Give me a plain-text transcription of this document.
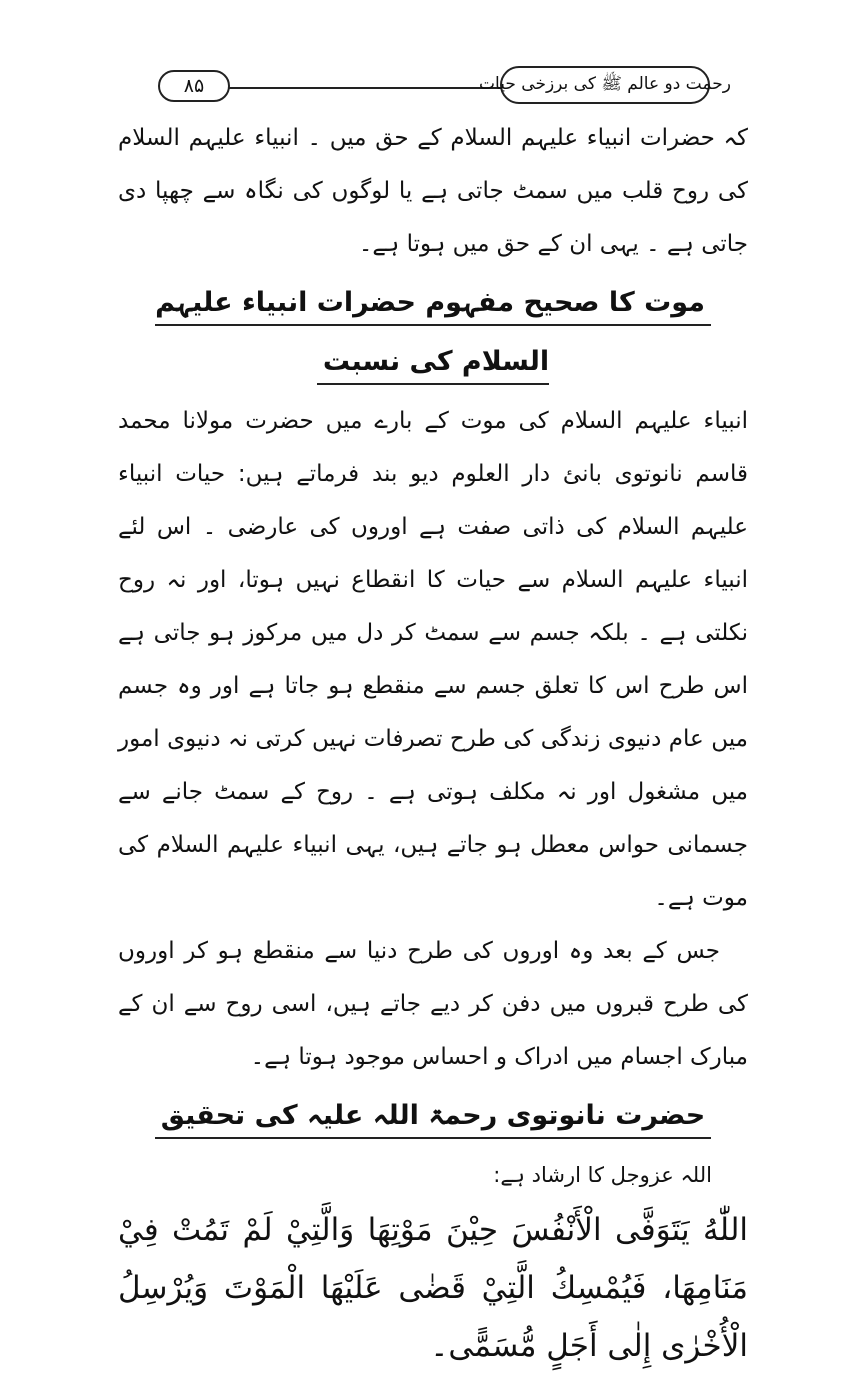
۸۵	رحمت دو عالم ﷺ کی برزخی حیات

کہ حضرات انبیاء علیہم السلام کے حق میں ۔ انبیاء علیہم السلام کی روح قلب میں سمٹ جاتی ہے یا لوگوں کی نگاہ سے چھپا دی جاتی ہے ۔ یہی ان کے حق میں ہوتا ہے۔

موت کا صحیح مفہوم حضرات انبیاء علیہم السلام کی نسبت

انبیاء علیہم السلام کی موت کے بارے میں حضرت مولانا محمد قاسم نانوتوی بانئ دار العلوم دیو بند فرماتے ہیں: حیات انبیاء علیہم السلام کی ذاتی صفت ہے اوروں کی عارضی ۔ اس لئے انبیاء علیہم السلام سے حیات کا انقطاع نہیں ہوتا، اور نہ روح نکلتی ہے ۔ بلکہ جسم سے سمٹ کر دل میں مرکوز ہو جاتی ہے اس طرح اس کا تعلق جسم سے منقطع ہو جاتا ہے اور وہ جسم میں عام دنیوی زندگی کی طرح تصرفات نہیں کرتی نہ دنیوی امور میں مشغول اور نہ مکلف ہوتی ہے ۔ روح کے سمٹ جانے سے جسمانی حواس معطل ہو جاتے ہیں، یہی انبیاء علیہم السلام کی موت ہے۔

جس کے بعد وہ اوروں کی طرح دنیا سے منقطع ہو کر اوروں کی طرح قبروں میں دفن کر دیے جاتے ہیں، اسی روح سے ان کے مبارک اجسام میں ادراک و احساس موجود ہوتا ہے۔

حضرت نانوتوی رحمۃ اللہ علیہ کی تحقیق

اللہ عزوجل کا ارشاد ہے:

اللّٰهُ يَتَوَفَّى الْأَنْفُسَ حِيْنَ مَوْتِهَا وَالَّتِيْ لَمْ تَمُتْ فِيْ مَنَامِهَا، فَيُمْسِكُ الَّتِيْ قَضٰى عَلَيْهَا الْمَوْتَ وَيُرْسِلُ الْأُخْرٰى إِلٰى أَجَلٍ مُّسَمًّى۔
